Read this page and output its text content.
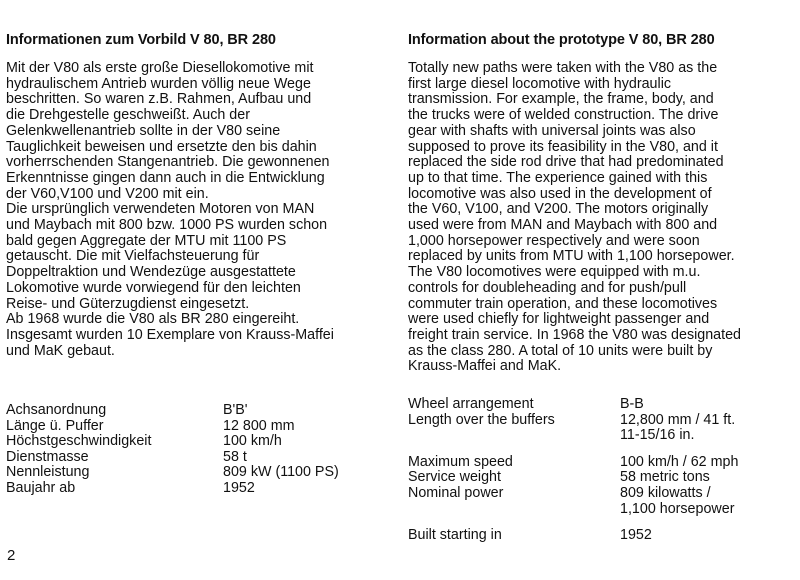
Informationen zum Vorbild V 80, BR 280
Mit der V80 als erste große Diesellokomotive mit
hydraulischem Antrieb wurden völlig neue Wege
beschritten. So waren z.B. Rahmen, Aufbau und
die Drehgestelle geschweißt. Auch der
Gelenkwellenantrieb sollte in der V80 seine
Tauglichkeit beweisen und ersetzte den bis dahin
vorherrschenden Stangenantrieb. Die gewonnenen
Erkenntnisse gingen dann auch in die Entwicklung
der V60,V100 und V200 mit ein.
Die ursprünglich verwendeten Motoren von MAN
und Maybach mit 800 bzw. 1000 PS wurden schon
bald gegen Aggregate der MTU mit 1100 PS
getauscht. Die mit Vielfachsteuerung für
Doppeltraktion und Wendezüge ausgestattete
Lokomotive wurde vorwiegend für den leichten
Reise- und Güterzugdienst eingesetzt.
Ab 1968 wurde die V80 als BR 280 eingereiht.
Insgesamt wurden 10 Exemplare von Krauss-Maffei
und MaK gebaut.
Achsanordnung	B'B'
Länge ü. Puffer	12 800 mm
Höchstgeschwindigkeit	100 km/h
Dienstmasse	58 t
Nennleistung	809 kW (1100 PS)
Baujahr ab	1952
Information about the prototype V 80, BR 280
Totally new paths were taken with the V80 as the
first large diesel locomotive with hydraulic
transmission. For example, the frame, body, and
the trucks were of welded construction. The drive
gear with shafts with universal joints was also
supposed to prove its feasibility in the V80, and it
replaced the side rod drive that had predominated
up to that time. The experience gained with this
locomotive was also used in the development of
the V60, V100, and V200. The motors originally
used were from MAN and Maybach with 800 and
1,000 horsepower respectively and were soon
replaced by units from MTU with 1,100 horsepower.
The V80 locomotives were equipped with m.u.
controls for doubleheading and for push/pull
commuter train operation, and these locomotives
were used chiefly for lightweight passenger and
freight train service. In 1968 the V80 was designated
as the class 280. A total of 10 units were built by
Krauss-Maffei and MaK.
Wheel arrangement	B-B
Length over the buffers	12,800 mm / 41 ft.
11-15/16 in.
Maximum speed	100 km/h / 62 mph
Service weight	58 metric tons
Nominal power	809 kilowatts /
1,100 horsepower
Built starting in	1952
2
